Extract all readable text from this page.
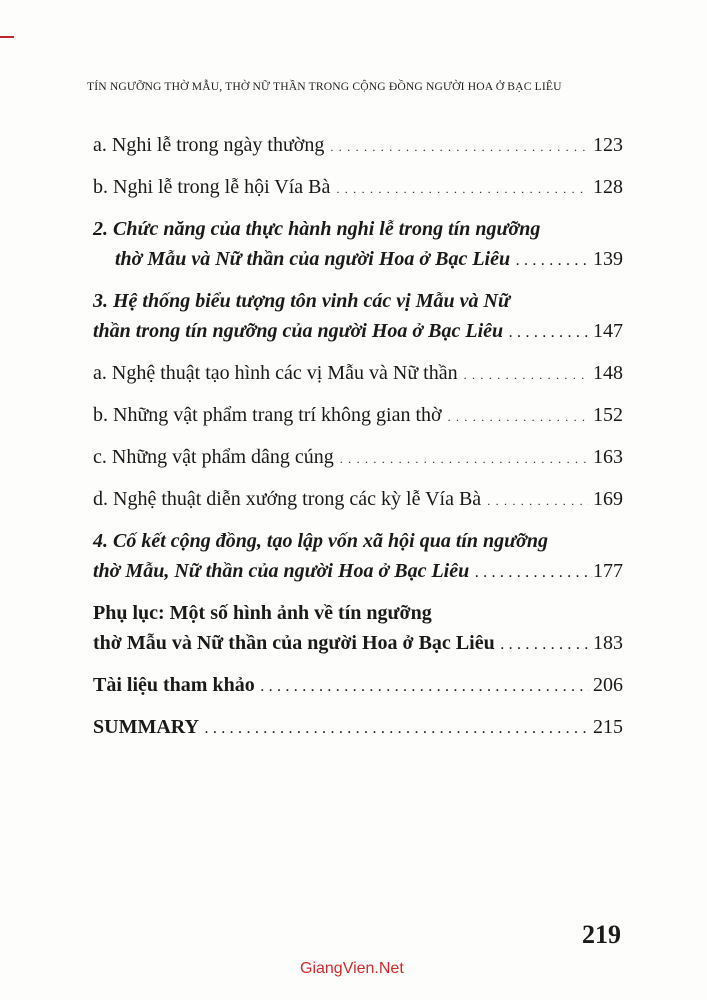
TÍN NGƯỠNG THỜ MẪU, THỜ NỮ THẦN TRONG CỘNG ĐỒNG NGƯỜI HOA Ở BẠC LIÊU
a. Nghi lễ trong ngày thường . . .	123
b. Nghi lễ trong lễ hội Vía Bà . . .	128
2. Chức năng của thực hành nghi lễ trong tín ngưỡng
thờ Mẫu và Nữ thần của người Hoa ở Bạc Liêu . . .	139
3. Hệ thống biểu tượng tôn vinh các vị Mẫu và Nữ
thần trong tín ngưỡng của người Hoa ở Bạc Liêu . . .	147
a. Nghệ thuật tạo hình các vị Mẫu và Nữ thần . . .	148
b. Những vật phẩm trang trí không gian thờ . . .	152
c. Những vật phẩm dâng cúng . . .	163
d. Nghệ thuật diễn xướng trong các kỳ lễ Vía Bà . . .	169
4. Cố kết cộng đồng, tạo lập vốn xã hội qua tín ngưỡng
thờ Mẫu, Nữ thần của người Hoa ở Bạc Liêu . . .	177
Phụ lục: Một số hình ảnh về tín ngưỡng
thờ Mẫu và Nữ thần của người Hoa ở Bạc Liêu . . .	183
Tài liệu tham khảo . . .	206
SUMMARY . . .	215
219
GiangVien.Net
